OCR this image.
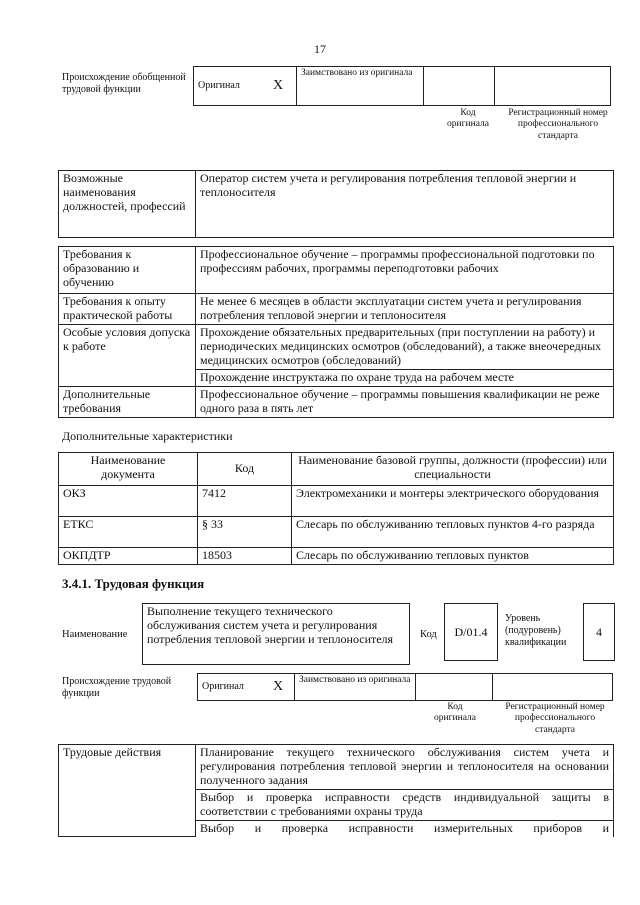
17
Происхождение обобщенной трудовой функции	Оригинал	X	Заимствовано из оригинала		
Код оригинала
Регистрационный номер профессионального стандарта
Возможные наименования должностей, профессий	Оператор систем учета и регулирования потребления тепловой энергии и теплоносителя
Требования к образованию и обучению	Профессиональное обучение – программы профессиональной подготовки по профессиям рабочих, программы переподготовки рабочих
Требования к опыту практической работы	Не менее 6 месяцев в области эксплуатации систем учета и регулирования потребления тепловой энергии и теплоносителя
Особые условия допуска к работе	Прохождение обязательных предварительных (при поступлении на работу) и периодических медицинских осмотров (обследований), а также внеочередных медицинских осмотров (обследований)
	Прохождение инструктажа по охране труда на рабочем месте
Дополнительные требования	Профессиональное обучение – программы повышения квалификации не реже одного раза в пять лет
Дополнительные характеристики
Наименование документа	Код	Наименование базовой группы, должности (профессии) или специальности
ОКЗ	7412	Электромеханики и монтеры электрического оборудования
ЕТКС	§ 33	Слесарь по обслуживанию тепловых пунктов 4-го разряда
ОКПДТР	18503	Слесарь по обслуживанию тепловых пунктов
3.4.1. Трудовая функция
Наименование
Выполнение текущего технического обслуживания систем учета и регулирования потребления тепловой энергии и теплоносителя	Код	D/01.4
Уровень (подуровень) квалификации
4
Происхождение трудовой функции
Оригинал	X	Заимствовано из оригинала		
Код оригинала
Регистрационный номер профессионального стандарта
Трудовые действия	Планирование текущего технического обслуживания систем учета и регулирования потребления тепловой энергии и теплоносителя на основании полученного задания
Выбор и проверка исправности средств индивидуальной защиты в соответствии с требованиями охраны труда
Выбор и проверка исправности измерительных приборов и
